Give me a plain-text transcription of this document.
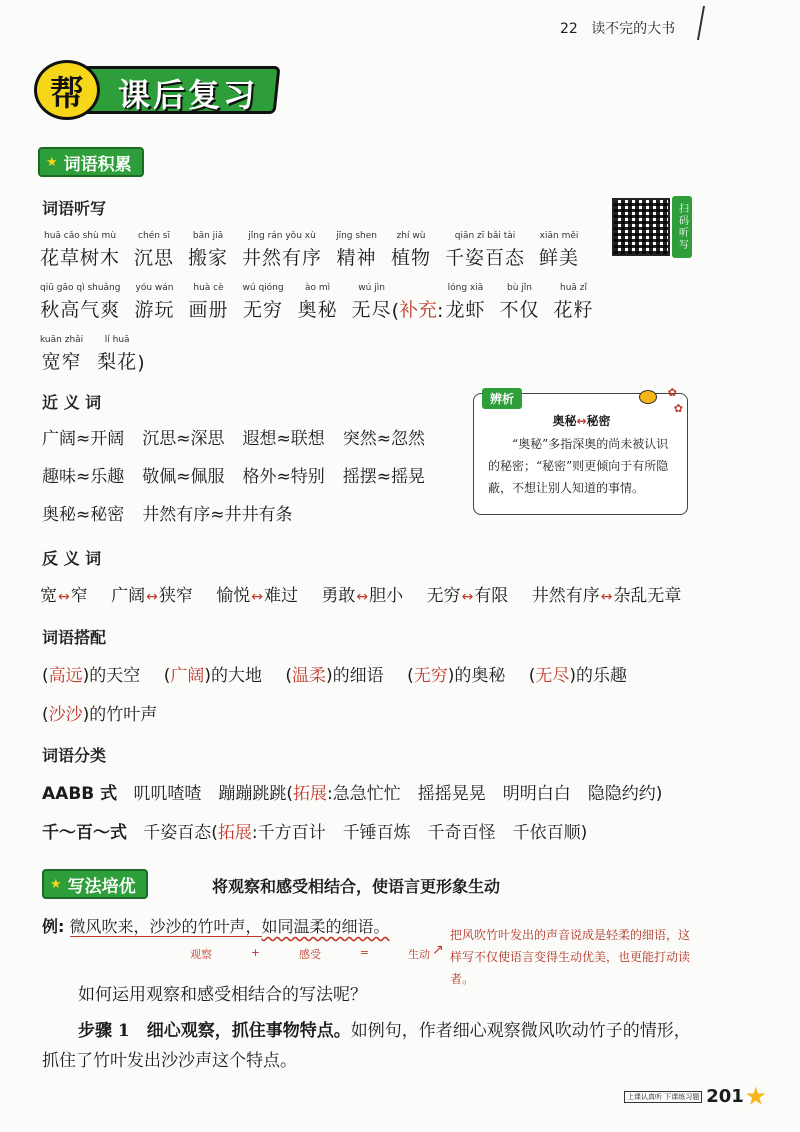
22 读不完的大书
帮	课后复习
★ 词语积累
词语听写	扫码听写
huā cǎo shù mù
花草树木
chén sī
沉思
bān jiā
搬家
jǐng rán yǒu xù
井然有序
jīng shen
精神
zhí wù
植物
qiān zī bǎi tài
千姿百态
xiān měi
鲜美
qiū gāo qì shuǎng
秋高气爽
yóu wán
游玩
huà cè
画册
wú qióng
无穷
ào mì
奥秘
wú jìn
无尽 ( 补充 :
lóng xiā
龙虾
bù jǐn
不仅
huā zǐ
花籽
kuān zhǎi
宽窄
lí huā
梨花 )
近 义 词
广阔≈开阔 沉思≈深思 遐想≈联想 突然≈忽然
趣味≈乐趣 敬佩≈佩服 格外≈特别 摇摆≈摇晃
奥秘≈秘密 井然有序≈井井有条
辨析	✿
✿
奥秘↔秘密
“奥秘”多指深奥的尚未被认识的秘密；“秘密”则更倾向于有所隐蔽，不想让别人知道的事情。
反 义 词
宽↔窄 广阔↔狭窄 愉悦↔难过 勇敢↔胆小 无穷↔有限 井然有序↔杂乱无章
词语搭配
(高远)的天空 (广阔)的大地 (温柔)的细语 (无穷)的奥秘 (无尽)的乐趣
(沙沙)的竹叶声
词语分类
AABB 式 叽叽喳喳　蹦蹦跳跳(拓展:急急忙忙　摇摇晃晃　明明白白　隐隐约约)
千～百～式 千姿百态(拓展:千方百计　千锤百炼　千奇百怪　千依百顺)
★ 写法培优	将观察和感受相结合，使语言更形象生动
例: 微风吹来，沙沙的竹叶声，如同温柔的细语。
观察	+	感受	=	生动 ↗
把风吹竹叶发出的声音说成是轻柔的细语，这样写不仅使语言变得生动优美，也更能打动读者。
如何运用观察和感受相结合的写法呢？
步骤 1　细心观察，抓住事物特点。如例句，作者细心观察微风吹动竹子的情形，抓住了竹叶发出沙沙声这个特点。
上课认真听 下课练习题 201
